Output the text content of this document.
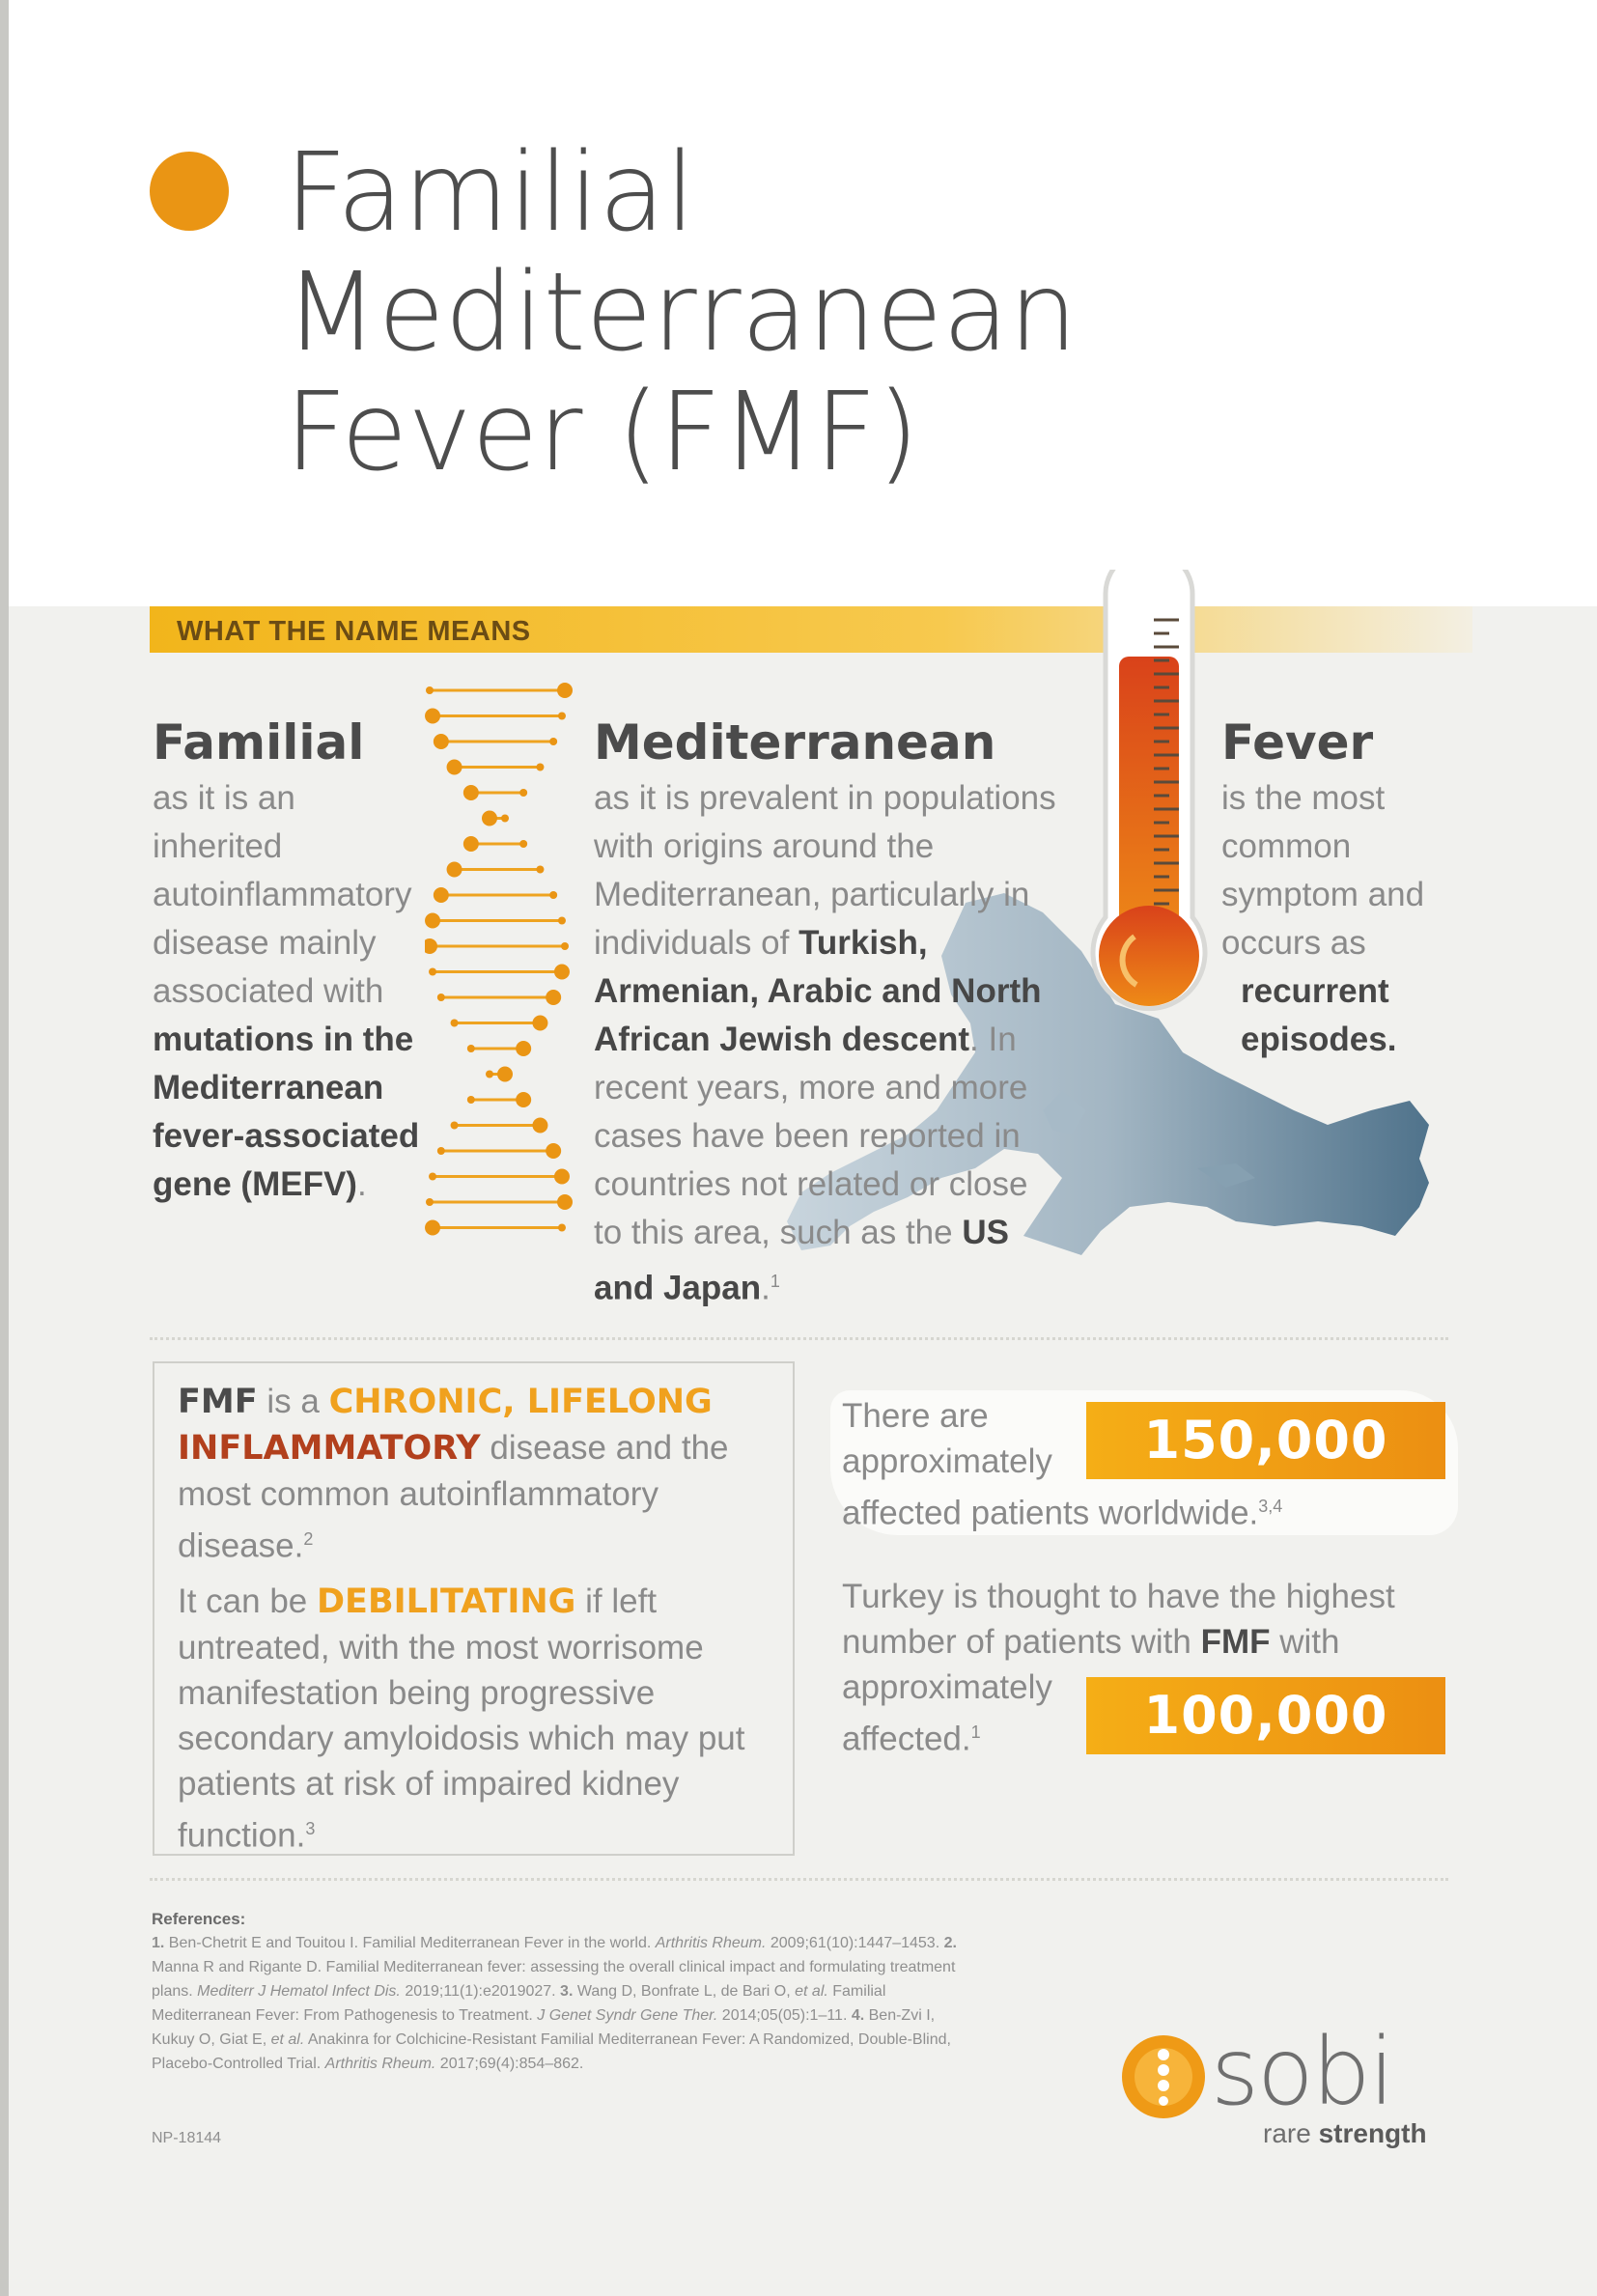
Familial
Mediterranean
Fever (FMF)
WHAT THE NAME MEANS
Familial
as it is an inherited autoinflammatory disease mainly associated with mutations in the Mediterranean fever-associated gene (MEFV).
Mediterranean
as it is prevalent in populations with origins around the Mediterranean, particularly in individuals of Turkish, Armenian, Arabic and North African Jewish descent. In recent years, more and more cases have been reported in countries not related or close to this area, such as the US and Japan.$^1$
Fever
is the most common symptom and occurs as
recurrent episodes.

FMF is a CHRONIC, LIFELONG INFLAMMATORY disease and the most common autoinflammatory disease.$^2$

It can be DEBILITATING if left untreated, with the most worrisome manifestation being progressive secondary amyloidosis which may put patients at risk of impaired kidney function.$^3$

There are
approximately
affected patients worldwide.$^{3,4}$
150,000
Turkey is thought to have the highest number of patients with FMF with approximately
affected.$^1$	100,000
References:
1. Ben-Chetrit E and Touitou I. Familial Mediterranean Fever in the world. Arthritis Rheum. 2009;61(10):1447–1453. 2. Manna R and Rigante D. Familial Mediterranean fever: assessing the overall clinical impact and formulating treatment plans. Mediterr J Hematol Infect Dis. 2019;11(1):e2019027. 3. Wang D, Bonfrate L, de Bari O, et al. Familial Mediterranean Fever: From Pathogenesis to Treatment. J Genet Syndr Gene Ther. 2014;05(05):1–11. 4. Ben-Zvi I, Kukuy O, Giat E, et al. Anakinra for Colchicine-Resistant Familial Mediterranean Fever: A Randomized, Double-Blind, Placebo-Controlled Trial. Arthritis Rheum. 2017;69(4):854–862.
NP-18144
sobi
rare strength
